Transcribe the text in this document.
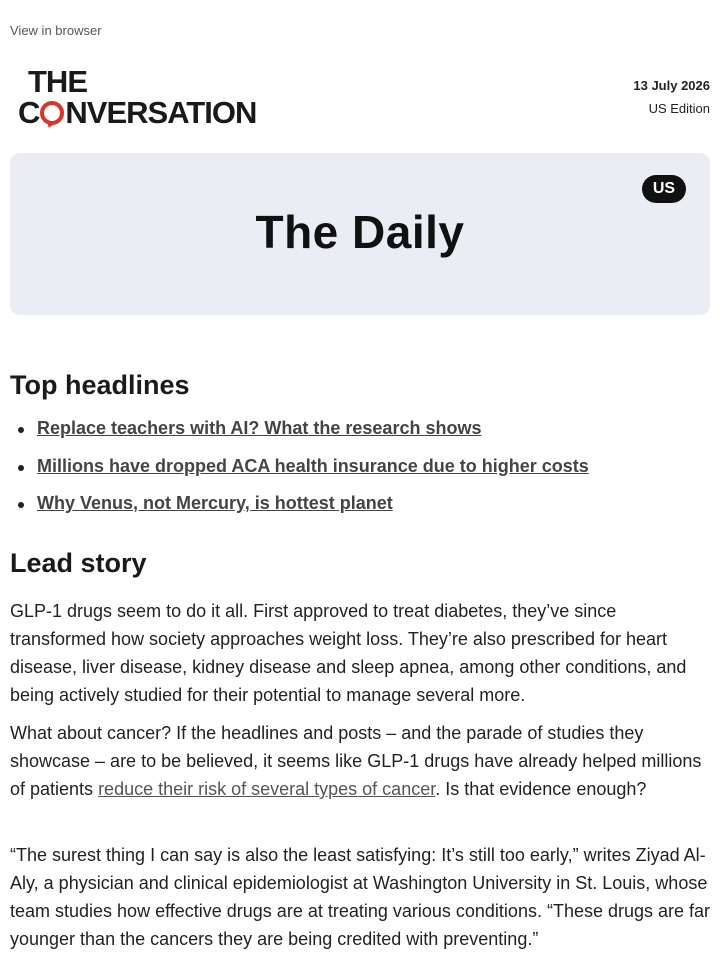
View in browser
THE
C NVERSATION
13 July 2026
US Edition
US
The Daily
Top headlines
Replace teachers with AI? What the research shows
Millions have dropped ACA health insurance due to higher costs
Why Venus, not Mercury, is hottest planet
Lead story

GLP-1 drugs seem to do it all. First approved to treat diabetes, they’ve since transformed how society approaches weight loss. They’re also prescribed for heart disease, liver disease, kidney disease and sleep apnea, among other conditions, and being actively studied for their potential to manage several more.

What about cancer? If the headlines and posts – and the parade of studies they showcase – are to be believed, it seems like GLP-1 drugs have already helped millions of patients reduce their risk of several types of cancer. Is that evidence enough?

“The surest thing I can say is also the least satisfying: It’s still too early,” writes Ziyad Al-Aly, a physician and clinical epidemiologist at Washington University in St. Louis, whose team studies how effective drugs are at treating various conditions. “These drugs are far younger than the cancers they are being credited with preventing.”
